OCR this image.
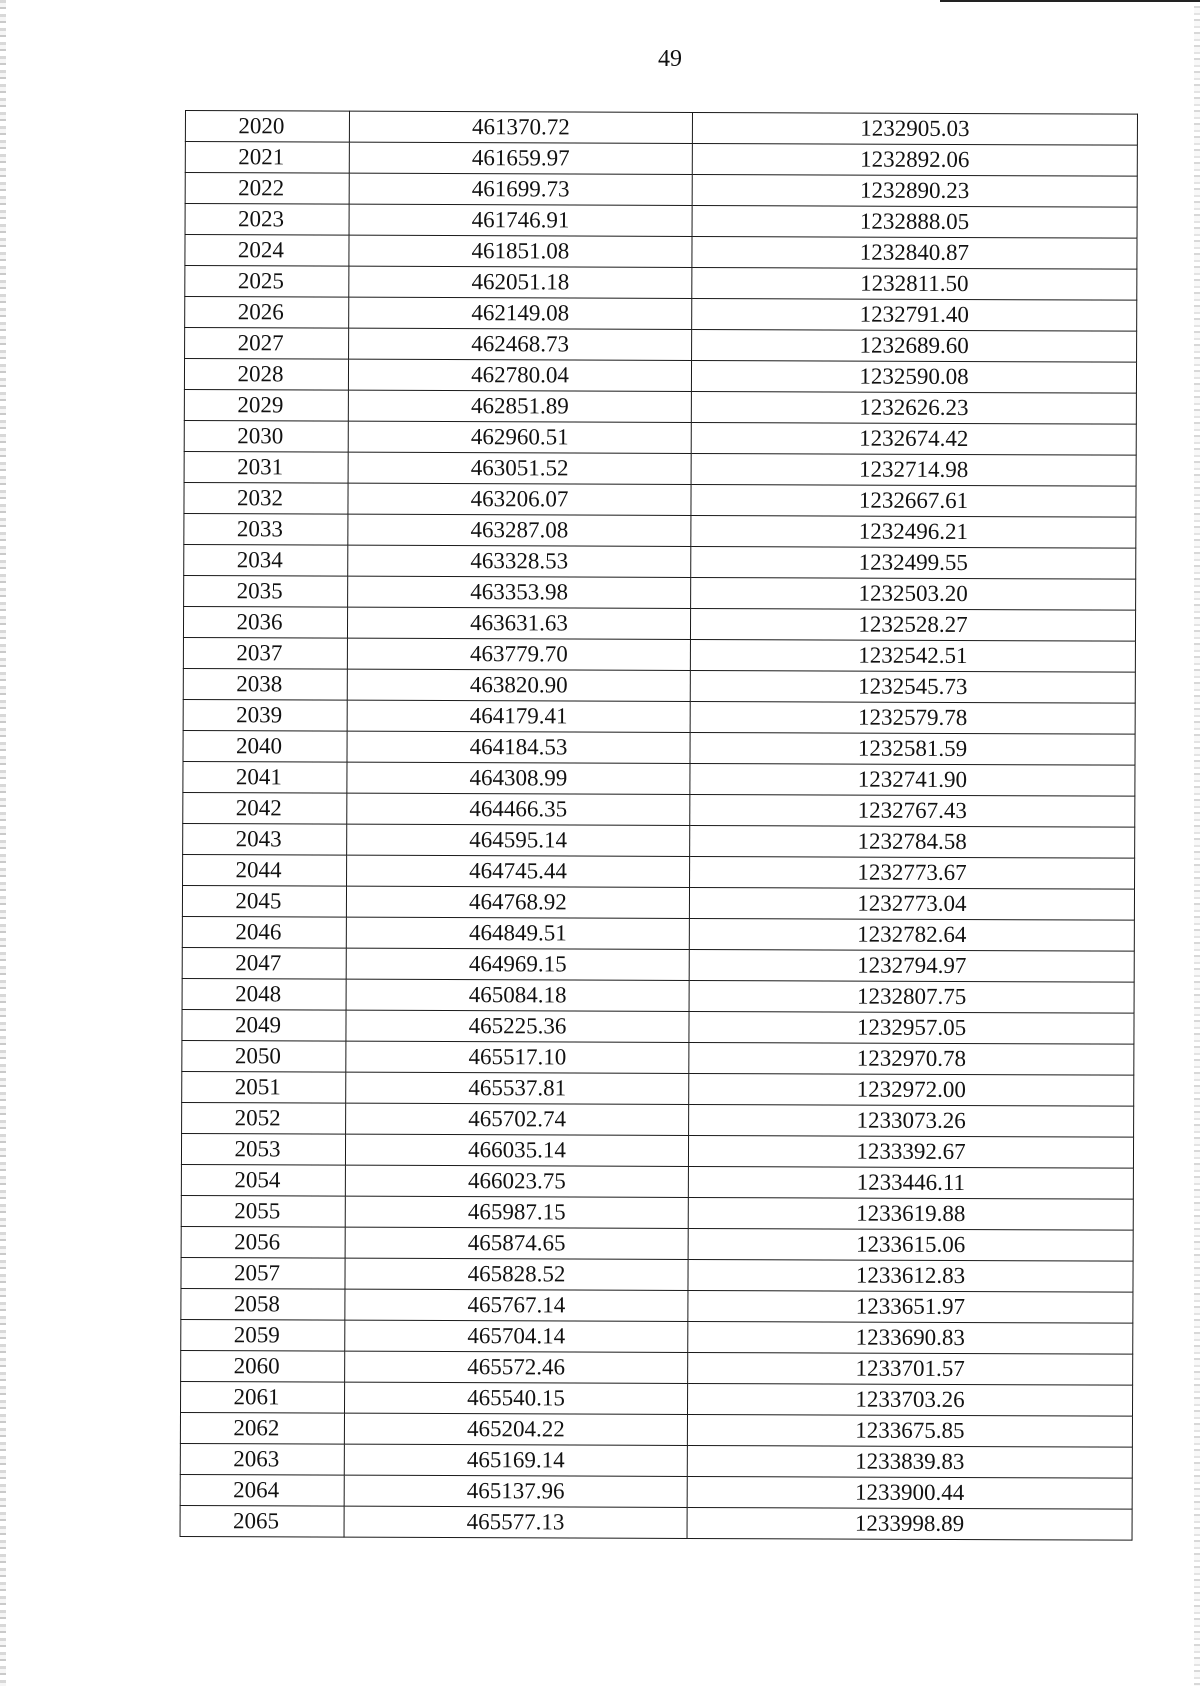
49
2020	461370.72	1232905.03
2021	461659.97	1232892.06
2022	461699.73	1232890.23
2023	461746.91	1232888.05
2024	461851.08	1232840.87
2025	462051.18	1232811.50
2026	462149.08	1232791.40
2027	462468.73	1232689.60
2028	462780.04	1232590.08
2029	462851.89	1232626.23
2030	462960.51	1232674.42
2031	463051.52	1232714.98
2032	463206.07	1232667.61
2033	463287.08	1232496.21
2034	463328.53	1232499.55
2035	463353.98	1232503.20
2036	463631.63	1232528.27
2037	463779.70	1232542.51
2038	463820.90	1232545.73
2039	464179.41	1232579.78
2040	464184.53	1232581.59
2041	464308.99	1232741.90
2042	464466.35	1232767.43
2043	464595.14	1232784.58
2044	464745.44	1232773.67
2045	464768.92	1232773.04
2046	464849.51	1232782.64
2047	464969.15	1232794.97
2048	465084.18	1232807.75
2049	465225.36	1232957.05
2050	465517.10	1232970.78
2051	465537.81	1232972.00
2052	465702.74	1233073.26
2053	466035.14	1233392.67
2054	466023.75	1233446.11
2055	465987.15	1233619.88
2056	465874.65	1233615.06
2057	465828.52	1233612.83
2058	465767.14	1233651.97
2059	465704.14	1233690.83
2060	465572.46	1233701.57
2061	465540.15	1233703.26
2062	465204.22	1233675.85
2063	465169.14	1233839.83
2064	465137.96	1233900.44
2065	465577.13	1233998.89
